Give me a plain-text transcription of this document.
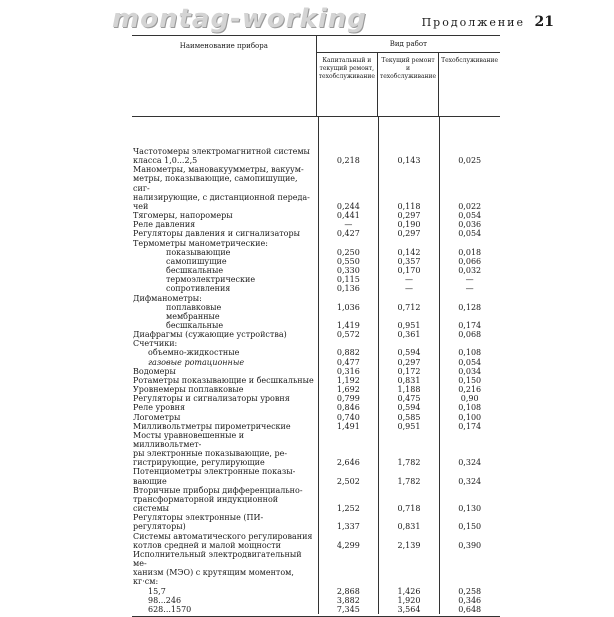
montag-working	Продолжение 21
Наименование прибора	Вид работ
Капитальный и текущий ремонт, техобслуживание
Текущий ремонт и техобслуживание
Техобслуживание
Частотомеры электромагнитной системы
класса 1,0...2,5	0,218	0,143	0,025
Манометры, мановакуумметры, вакуум-
метры, показывающие, самопишущие, сиг-
нализирующие, с дистанционной переда-
чей	0,244	0,118	0,022
Тягомеры, напоромеры	0,441	0,297	0,054
Реле давления	—	0,190	0,036
Регуляторы давления и сигнализаторы	0,427	0,297	0,054
Термометры манометрические:
показывающие	0,250	0,142	0,018
самопишущие	0,550	0,357	0,066
бесшкальные	0,330	0,170	0,032
термоэлектрические	0,115	—	—
сопротивления	0,136	—	—
Дифманометры:
поплавковые	1,036	0,712	0,128
мембранные
бесшкальные	1,419	0,951	0,174
Диафрагмы (сужающие устройства)	0,572	0,361	0,068
Счетчики:
объемно-жидкостные	0,882	0,594	0,108
газовые ротационные	0,477	0,297	0,054
Водомеры	0,316	0,172	0,034
Ротаметры показывающие и бесшкальные	1,192	0,831	0,150
Уровнемеры поплавковые	1,692	1,188	0,216
Регуляторы и сигнализаторы уровня	0,799	0,475	0,90
Реле уровня	0,846	0,594	0,108
Логометры	0,740	0,585	0,100
Милливольтметры пирометрические	1,491	0,951	0,174
Мосты уравновешенные и милливольтмет-
ры электронные показывающие, ре-
гистрирующие, регулирующие	2,646	1,782	0,324
Потенциометры электронные показы-
вающие	2,502	1,782	0,324
Вторичные приборы дифференциально-
трансформаторной индукционной системы	1,252	0,718	0,130
Регуляторы электронные (ПИ-регуляторы)	1,337	0,831	0,150
Системы автоматического регулирования
котлов средней и малой мощности	4,299	2,139	0,390
Исполнительный электродвигательный ме-
ханизм (МЭО) с крутящим моментом,
кг·см:
15,7	2,868	1,426	0,258
98...246	3,882	1,920	0,346
628...1570	7,345	3,564	0,648
